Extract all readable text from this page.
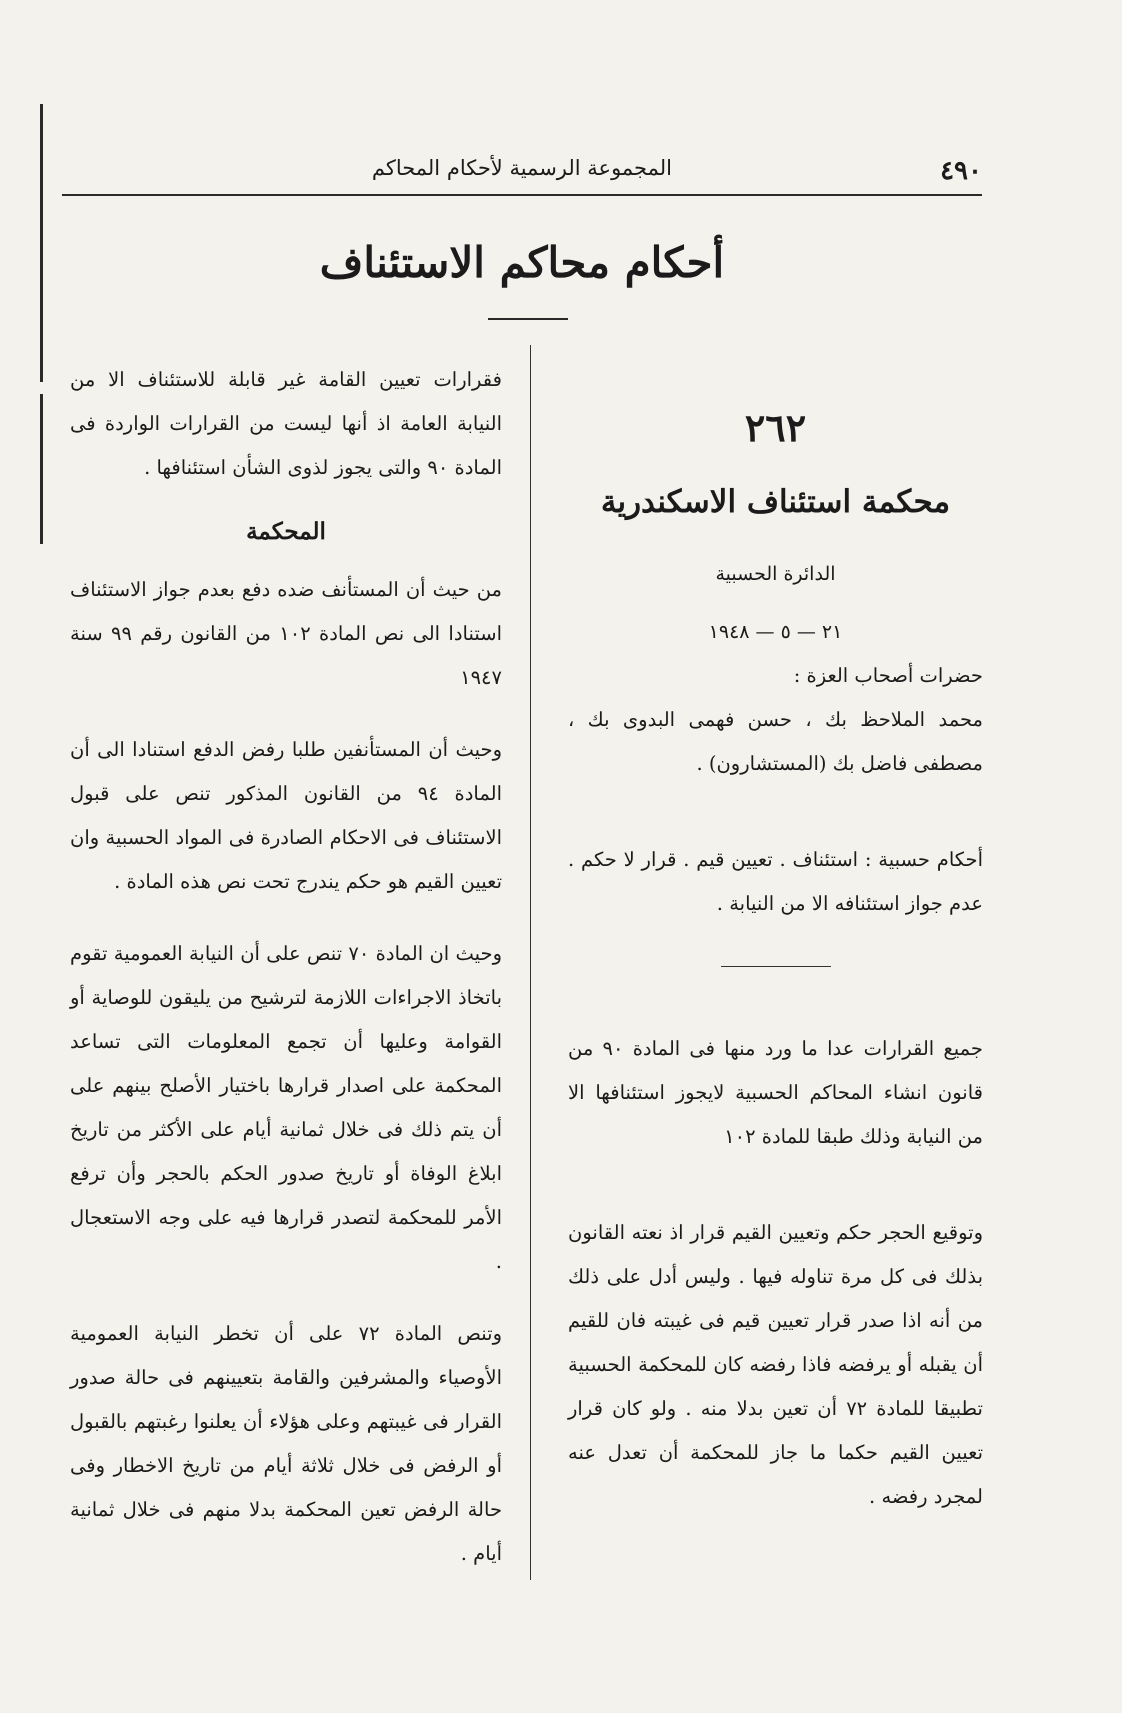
٤٩٠
المجموعة الرسمية لأحكام المحاكم
أحكام محاكم الاستئناف
٢٦٢
محكمة استئناف الاسكندرية
الدائرة الحسبية
٢١ — ٥ — ١٩٤٨

حضرات أصحاب العزة :

محمد الملاحظ بك ، حسن فهمى البدوى بك ، مصطفى فاضل بك (المستشارون) .

أحكام حسبية : استئناف . تعيين قيم . قرار لا حكم . عدم جواز استئنافه الا من النيابة .

جميع القرارات عدا ما ورد منها فى المادة ٩٠ من قانون انشاء المحاكم الحسبية لايجوز استئنافها الا من النيابة وذلك طبقا للمادة ١٠٢

وتوقيع الحجر حكم وتعيين القيم قرار اذ نعته القانون بذلك فى كل مرة تناوله فيها . وليس أدل على ذلك من أنه اذا صدر قرار تعيين قيم فى غيبته فان للقيم أن يقبله أو يرفضه فاذا رفضه كان للمحكمة الحسبية تطبيقا للمادة ٧٢ أن تعين بدلا منه . ولو كان قرار تعيين القيم حكما ما جاز للمحكمة أن تعدل عنه لمجرد رفضه .

فقرارات تعيين القامة غير قابلة للاستئناف الا من النيابة العامة اذ أنها ليست من القرارات الواردة فى المادة ٩٠ والتى يجوز لذوى الشأن استئنافها .

المحكمة

من حيث أن المستأنف ضده دفع بعدم جواز الاستئناف استنادا الى نص المادة ١٠٢ من القانون رقم ٩٩ سنة ١٩٤٧

وحيث أن المستأنفين طلبا رفض الدفع استنادا الى أن المادة ٩٤ من القانون المذكور تنص على قبول الاستئناف فى الاحكام الصادرة فى المواد الحسبية وان تعيين القيم هو حكم يندرج تحت نص هذه المادة .

وحيث ان المادة ٧٠ تنص على أن النيابة العمومية تقوم باتخاذ الاجراءات اللازمة لترشيح من يليقون للوصاية أو القوامة وعليها أن تجمع المعلومات التى تساعد المحكمة على اصدار قرارها باختيار الأصلح بينهم على أن يتم ذلك فى خلال ثمانية أيام على الأكثر من تاريخ ابلاغ الوفاة أو تاريخ صدور الحكم بالحجر وأن ترفع الأمر للمحكمة لتصدر قرارها فيه على وجه الاستعجال .

وتنص المادة ٧٢ على أن تخطر النيابة العمومية الأوصياء والمشرفين والقامة بتعيينهم فى حالة صدور القرار فى غيبتهم وعلى هؤلاء أن يعلنوا رغبتهم بالقبول أو الرفض فى خلال ثلاثة أيام من تاريخ الاخطار وفى حالة الرفض تعين المحكمة بدلا منهم فى خلال ثمانية أيام .
